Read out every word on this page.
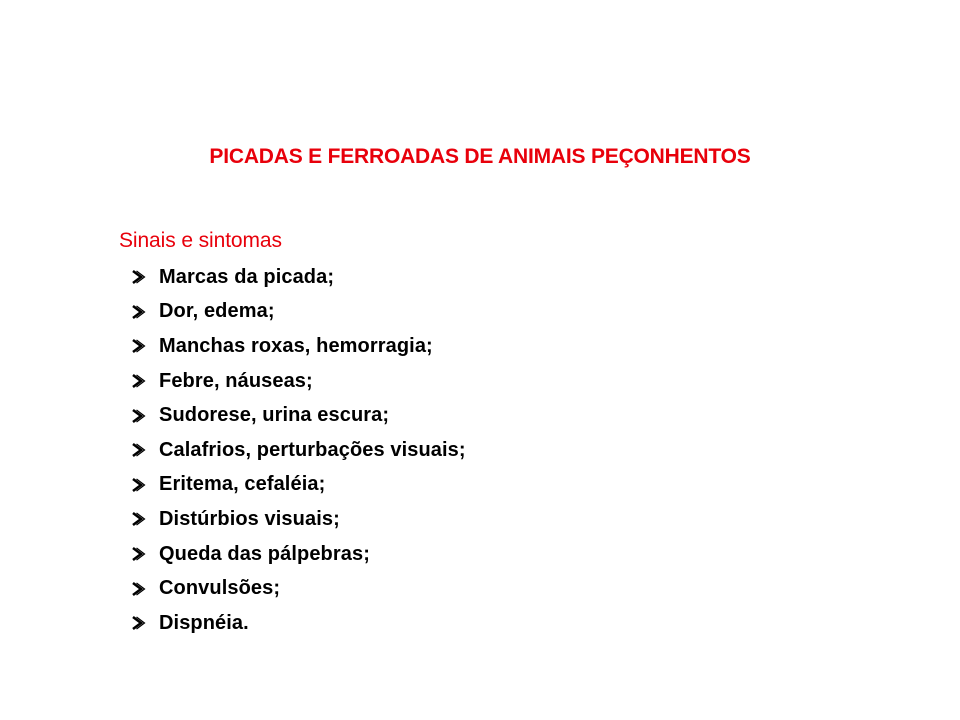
PICADAS E FERROADAS DE ANIMAIS PEÇONHENTOS
Sinais e sintomas
Marcas da picada;
Dor, edema;
Manchas roxas, hemorragia;
Febre, náuseas;
Sudorese, urina escura;
Calafrios, perturbações visuais;
Eritema, cefaléia;
Distúrbios visuais;
Queda das pálpebras;
Convulsões;
Dispnéia.
